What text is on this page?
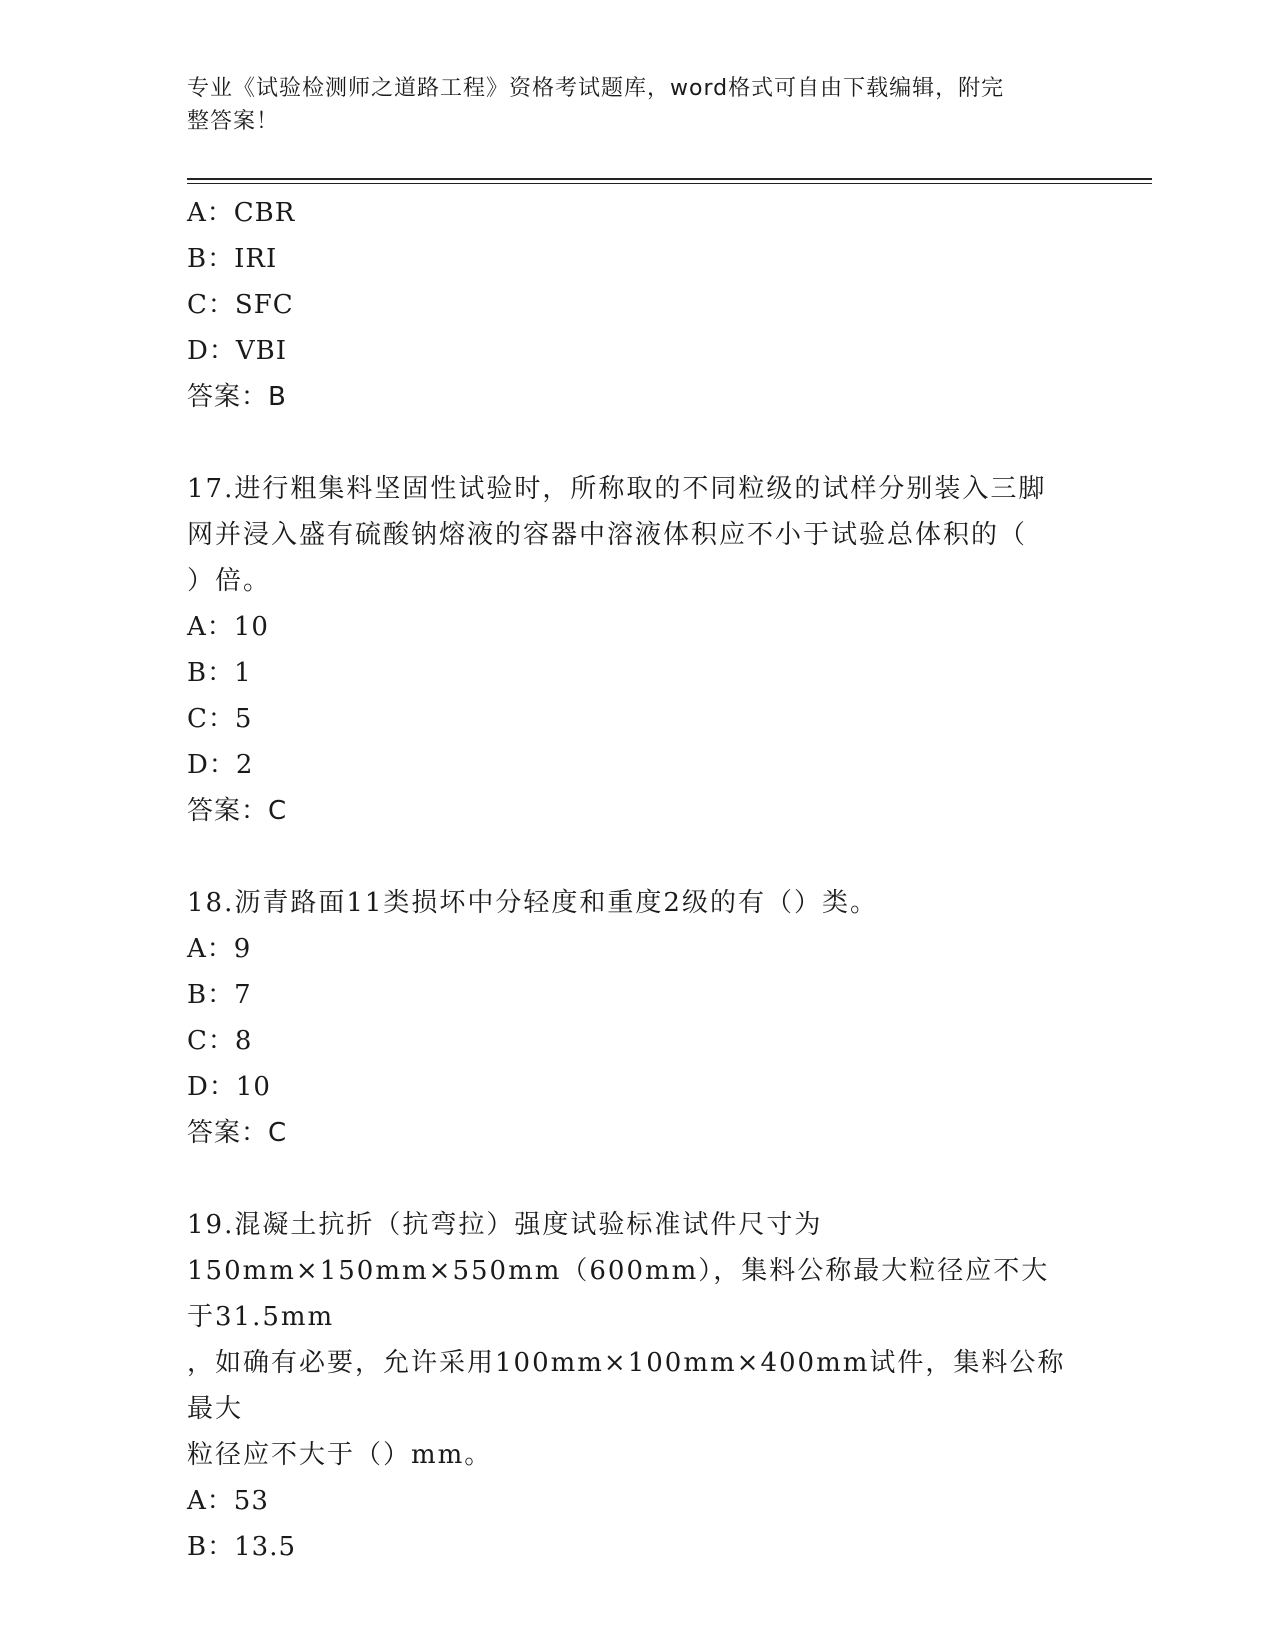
专业《试验检测师之道路工程》资格考试题库，word格式可自由下载编辑，附完
整答案！
A：CBR
B：IRI
C：SFC
D：VBI
答案：B
17.进行粗集料坚固性试验时，所称取的不同粒级的试样分别装入三脚
网并浸入盛有硫酸钠熔液的容器中溶液体积应不小于试验总体积的（
）倍。
A：10
B：1
C：5
D：2
答案：C
18.沥青路面11类损坏中分轻度和重度2级的有（）类。
A：9
B：7
C：8
D：10
答案：C
19.混凝土抗折（抗弯拉）强度试验标准试件尺寸为
150mm×150mm×550mm（600mm），集料公称最大粒径应不大于31.5mm
，如确有必要，允许采用100mm×100mm×400mm试件，集料公称最大
粒径应不大于（）mm。
A：53
B：13.5
